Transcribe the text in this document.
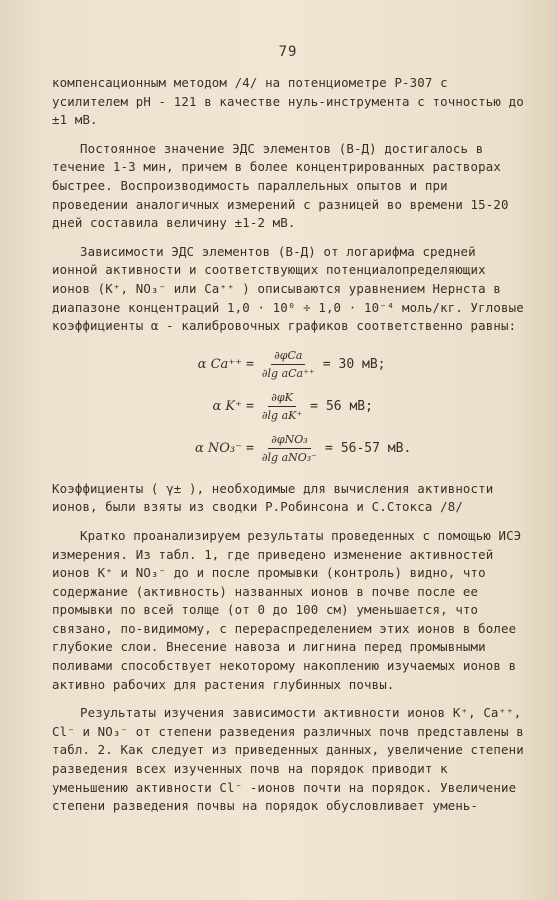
79

компенсационным методом /4/ на потенциометре Р-307 с усилителем pH - 121 в качестве нуль-инструмента с точностью до ±1 мВ.

Постоянное значение ЭДС элементов (В-Д) достигалось в течение 1-3 мин, причем в более концентрированных растворах быстрее. Воспроизводимость параллельных опытов и при проведении аналогичных измерений с разницей во времени 15-20 дней составила величину ±1-2 мВ.

Зависимости ЭДС элементов (В-Д) от логарифма средней ионной активности и соответствующих потенциалопределяющих ионов (K⁺, NO₃⁻ или Ca⁺⁺ ) описываются уравнением Нернста в диапазоне концентраций 1,0 · 10⁰ ÷ 1,0 · 10⁻⁴ моль/кг. Угловые коэффициенты α - калибровочных графиков соответственно равны:

α $Ca^{++} = \frac{\text{∂φCa}}{\text{∂lg aCa⁺⁺}} = 30$ мВ;
α $K^+ = \frac{\partial\varphi K}{\text{∂lg aK⁺}} = 56$ мВ;
α $NO_3^- = \frac{\text{∂φNO₃}}{\text{∂lg aNO₃⁻}} = 56-57$ мВ.

Коэффициенты ( γ± ), необходимые для вычисления активности ионов, были взяты из сводки Р.Робинсона и С.Стокса /8/

Кратко проанализируем результаты проведенных с помощью ИСЭ измерения. Из табл. 1, где приведено изменение активностей ионов K⁺ и NO₃⁻ до и после промывки (контроль) видно, что содержание (активность) названных ионов в почве после ее промывки по всей толще (от 0 до 100 см) уменьшается, что связано, по-видимому, с перераспределением этих ионов в более глубокие слои. Внесение навоза и лигнина перед промывными поливами способствует некоторому накоплению изучаемых ионов в активно рабочих для растения глубинных почвы.

Результаты изучения зависимости активности ионов K⁺, Ca⁺⁺, Cl⁻ и NO₃⁻ от степени разведения различных почв представлены в табл. 2. Как следует из приведенных данных, увеличение степени разведения всех изученных почв на порядок приводит к уменьшению активности Cl⁻ -ионов почти на порядок. Увеличение степени разведения почвы на порядок обусловливает умень-
